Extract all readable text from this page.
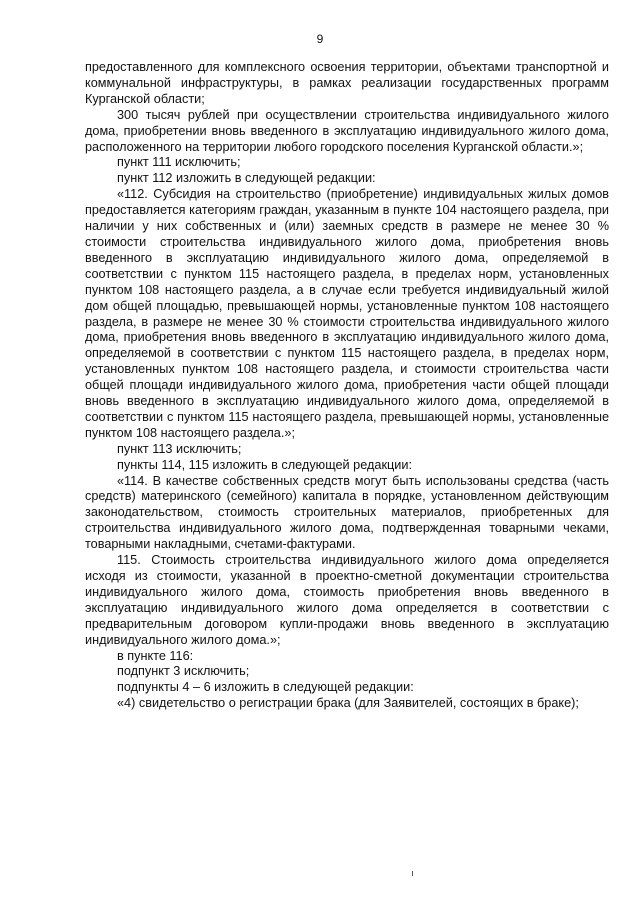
9

предоставленного для комплексного освоения территории, объектами транспортной и коммунальной инфраструктуры, в рамках реализации государственных программ Курганской области;

300 тысяч рублей при осуществлении строительства индивидуального жилого дома, приобретении вновь введенного в эксплуатацию индивидуального жилого дома, расположенного на территории любого городского поселения Курганской области.»;

пункт 111 исключить;

пункт 112 изложить в следующей редакции:

«112. Субсидия на строительство (приобретение) индивидуальных жилых домов предоставляется категориям граждан, указанным в пункте 104 настоящего раздела, при наличии у них собственных и (или) заемных средств в размере не менее 30 % стоимости строительства индивидуального жилого дома, приобретения вновь введенного в эксплуатацию индивидуального жилого дома, определяемой в соответствии с пунктом 115 настоящего раздела, в пределах норм, установленных пунктом 108 настоящего раздела, а в случае если требуется индивидуальный жилой дом общей площадью, превышающей нормы, установленные пунктом 108 настоящего раздела, в размере не менее 30 % стоимости строительства индивидуального жилого дома, приобретения вновь введенного в эксплуатацию индивидуального жилого дома, определяемой в соответствии с пунктом 115 настоящего раздела, в пределах норм, установленных пунктом 108 настоящего раздела, и стоимости строительства части общей площади индивидуального жилого дома, приобретения части общей площади вновь введенного в эксплуатацию индивидуального жилого дома, определяемой в соответствии с пунктом 115 настоящего раздела, превышающей нормы, установленные пунктом 108 настоящего раздела.»;

пункт 113 исключить;

пункты 114, 115 изложить в следующей редакции:

«114. В качестве собственных средств могут быть использованы средства (часть средств) материнского (семейного) капитала в порядке, установленном действующим законодательством, стоимость строительных материалов, приобретенных для строительства индивидуального жилого дома, подтвержденная товарными чеками, товарными накладными, счетами-фактурами.

115. Стоимость строительства индивидуального жилого дома определяется исходя из стоимости, указанной в проектно-сметной документации строительства индивидуального жилого дома, стоимость приобретения вновь введенного в эксплуатацию индивидуального жилого дома определяется в соответствии с предварительным договором купли-продажи вновь введенного в эксплуатацию индивидуального жилого дома.»;

в пункте 116:

подпункт 3 исключить;

подпункты 4 – 6 изложить в следующей редакции:

«4) свидетельство о регистрации брака (для Заявителей, состоящих в браке);
